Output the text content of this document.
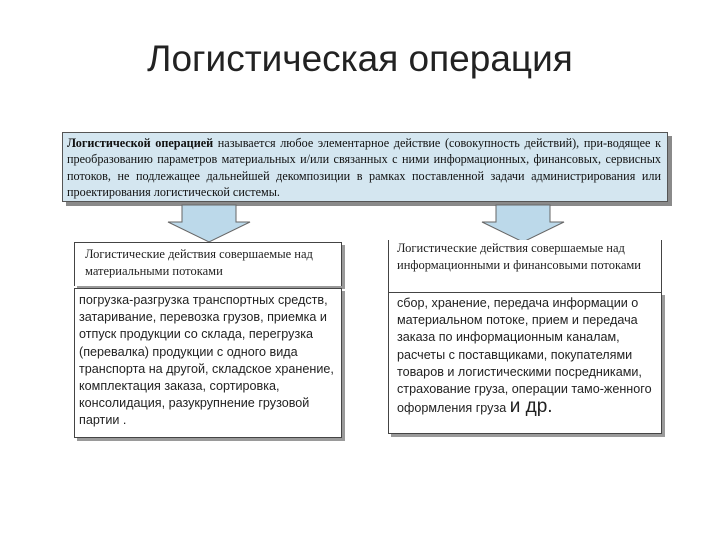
Логистическая операция
Логистической операцией называется любое элементарное действие (совокупность действий), при-водящее к преобразованию параметров материальных и/или связанных с ними информационных, финансовых, сервисных потоков, не подлежащее дальнейшей декомпозиции в рамках поставленной задачи администрирования или проектирования логистической системы.
Логистические действия совершаемые над материальными потоками
погрузка-разгрузка транспортных средств, затаривание, перевозка грузов, приемка и отпуск продукции со склада, перегрузка (перевалка) продукции с одного вида транспорта на другой, складское хранение, комплектация заказа, сортировка, консолидация, разукрупнение грузовой партии .
Логистические действия совершаемые над информационными и финансовыми потоками
сбор, хранение, передача информации о материальном потоке, прием и передача заказа по информационным каналам, расчеты с поставщиками, покупателями товаров и логистическими посредниками, страхование груза, операции тамо-женного оформления груза и др.
